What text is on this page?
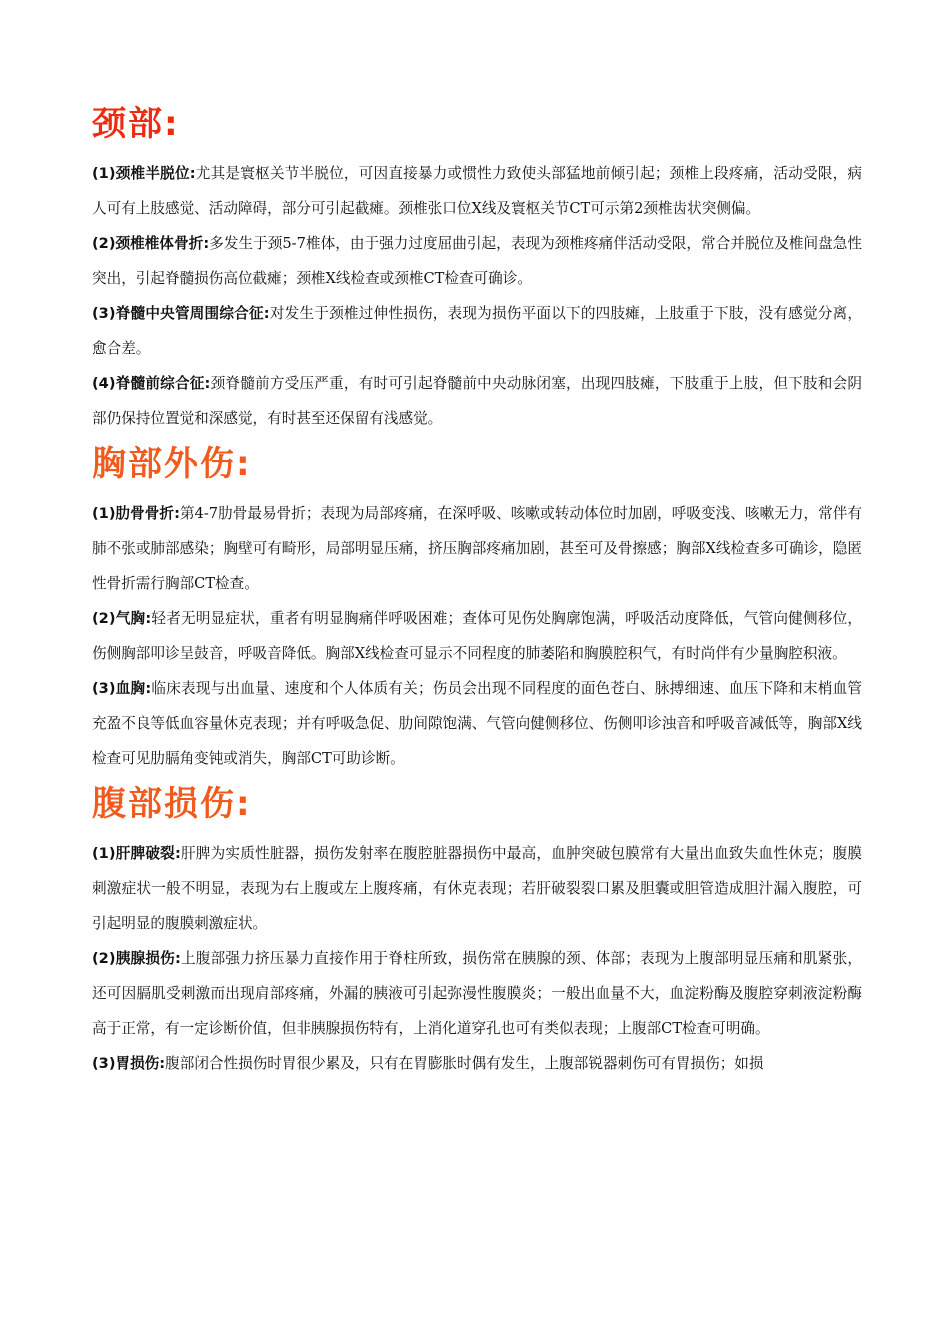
颈部:

(1)颈椎半脱位:尤其是寰枢关节半脱位，可因直接暴力或惯性力致使头部猛地前倾引起；颈椎上段疼痛，活动受限，病人可有上肢感觉、活动障碍，部分可引起截瘫。颈椎张口位X线及寰枢关节CT可示第2颈椎齿状突侧偏。

(2)颈椎椎体骨折:多发生于颈5-7椎体，由于强力过度屈曲引起，表现为颈椎疼痛伴活动受限，常合并脱位及椎间盘急性突出，引起脊髓损伤高位截瘫；颈椎X线检查或颈椎CT检查可确诊。

(3)脊髓中央管周围综合征:对发生于颈椎过伸性损伤，表现为损伤平面以下的四肢瘫，上肢重于下肢，没有感觉分离，愈合差。

(4)脊髓前综合征:颈脊髓前方受压严重，有时可引起脊髓前中央动脉闭塞，出现四肢瘫，下肢重于上肢，但下肢和会阴部仍保持位置觉和深感觉，有时甚至还保留有浅感觉。

胸部外伤:

(1)肋骨骨折:第4-7肋骨最易骨折；表现为局部疼痛，在深呼吸、咳嗽或转动体位时加剧，呼吸变浅、咳嗽无力，常伴有肺不张或肺部感染；胸壁可有畸形，局部明显压痛，挤压胸部疼痛加剧，甚至可及骨擦感；胸部X线检查多可确诊，隐匿性骨折需行胸部CT检查。

(2)气胸:轻者无明显症状，重者有明显胸痛伴呼吸困难；查体可见伤处胸廓饱满，呼吸活动度降低，气管向健侧移位，伤侧胸部叩诊呈鼓音，呼吸音降低。胸部X线检查可显示不同程度的肺萎陷和胸膜腔积气，有时尚伴有少量胸腔积液。

(3)血胸:临床表现与出血量、速度和个人体质有关；伤员会出现不同程度的面色苍白、脉搏细速、血压下降和末梢血管充盈不良等低血容量休克表现；并有呼吸急促、肋间隙饱满、气管向健侧移位、伤侧叩诊浊音和呼吸音减低等，胸部X线检查可见肋膈角变钝或消失，胸部CT可助诊断。

腹部损伤:

(1)肝脾破裂:肝脾为实质性脏器，损伤发射率在腹腔脏器损伤中最高，血肿突破包膜常有大量出血致失血性休克；腹膜刺激症状一般不明显，表现为右上腹或左上腹疼痛，有休克表现；若肝破裂裂口累及胆囊或胆管造成胆汁漏入腹腔，可引起明显的腹膜刺激症状。

(2)胰腺损伤:上腹部强力挤压暴力直接作用于脊柱所致，损伤常在胰腺的颈、体部；表现为上腹部明显压痛和肌紧张，还可因膈肌受刺激而出现肩部疼痛，外漏的胰液可引起弥漫性腹膜炎；一般出血量不大，血淀粉酶及腹腔穿刺液淀粉酶高于正常，有一定诊断价值，但非胰腺损伤特有，上消化道穿孔也可有类似表现；上腹部CT检查可明确。

(3)胃损伤:腹部闭合性损伤时胃很少累及，只有在胃膨胀时偶有发生，上腹部锐器刺伤可有胃损伤；如损
